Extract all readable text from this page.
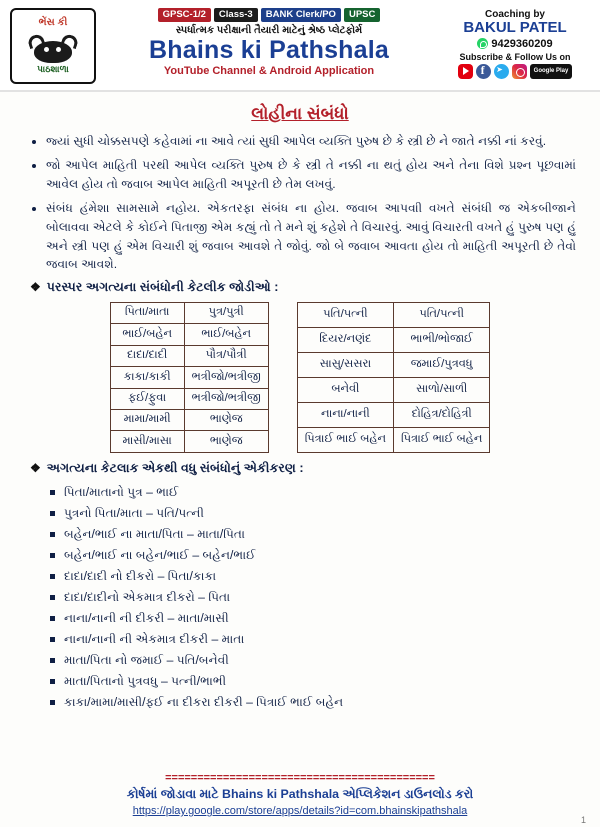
ભેંસ કી
પાઠશાળા
GPSC-1/2	Class-3	BANK Clerk/PO	UPSC
સ્પર્ધાત્મક પરીક્ષાની તૈયારી માટેનું શ્રેષ્ઠ પ્લેટફોર્મ
Bhains ki Pathshala
YouTube Channel & Android Application
Coaching by
BAKUL PATEL
9429360209
Subscribe & Follow Us on
f
➤
Google Play
લોહીના સંબંધો
• જ્યાં સુધી ચોક્કસપણે કહેવામાં ના આવે ત્યાં સુધી આપેલ વ્યક્તિ પુરુષ છે કે સ્ત્રી છે ને જાતે નક્કી નાં કરવું.
• જો આપેલ માહિતી પરથી આપેલ વ્યક્તિ પુરુષ છે કે સ્ત્રી તે નક્કી ના થતું હોય અને તેના વિશે પ્રશ્ન પૂછવામાં આવેલ હોય તો જવાબ આપેલ માહિતી અપૂરતી છે તેમ લખવું.
• સંબંધ હંમેશા સામસામે નહોય. એકતરફા સંબંધ ના હોય. જવાબ આપવાી વખતે સંબંધી જ એકબીજાને બોલાવવા એટલે કે કોઈને પિતાજી એમ કહ્યું તો તે મને શું કહેશે તે વિચારવું. આવું વિચારતી વખતે હું પુરુષ પણ હું અને સ્ત્રી પણ હું એમ વિચારી શું જવાબ આવશે તે જોવું. જો બે જવાબ આવતા હોય તો માહિતી અપૂરતી છે તેવો જવાબ આવશે.
❖ પરસ્પર અગત્યના સંબંધોની કેટલીક જોડીઓ :
પિતા/માતા	પુત્ર/પુત્રી
ભાઈ/બહેન	ભાઈ/બહેન
દાદા/દાદી	પૌત્ર/પૌત્રી
કાકા/કાકી	ભત્રીજો/ભત્રીજી
ફઈ/ફુવા	ભત્રીજો/ભત્રીજી
મામા/મામી	ભાણેજ
માસી/માસા	ભાણેજ
પતિ/પત્ની	પતિ/પત્ની
દિયર/નણંદ	ભાભી/ભોજાઈ
સાસુ/સસરા	જમાઈ/પુત્રવધુ
બનેવી	સાળો/સાળી
નાના/નાની	દોહિત્ર/દોહિત્રી
પિત્રાઈ ભાઈ બહેન	પિત્રાઈ ભાઈ બહેન
❖ અગત્યના કેટલાક એકથી વધુ સંબંધોનું એકીકરણ :
પિતા/માતાનો પુત્ર – ભાઈ
પુત્રનો પિતા/માતા – પતિ/પત્ની
બહેન/ભાઈ ના માતા/પિતા – માતા/પિતા
બહેન/ભાઈ ના બહેન/ભાઈ – બહેન/ભાઈ
દાદા/દાદી નો દીકરો – પિતા/કાકા
દાદા/દાદીનો એકમાત્ર દીકરો – પિતા
નાના/નાની ની દીકરી – માતા/માસી
નાના/નાની ની એકમાત્ર દીકરી – માતા
માતા/પિતા નો જમાઈ – પતિ/બનેવી
માતા/પિતાનો પુત્રવધુ – પત્ની/ભાભી
કાકા/મામા/માસી/ફઈ ના દીકરા દીકરી – પિત્રાઈ ભાઈ બહેન
==========================================
કોર્ષમાં જોડાવા માટે Bhains ki Pathshala એપ્લિકેશન ડાઉનલોડ કરો
https://play.google.com/store/apps/details?id=com.bhainskipathshala
1
